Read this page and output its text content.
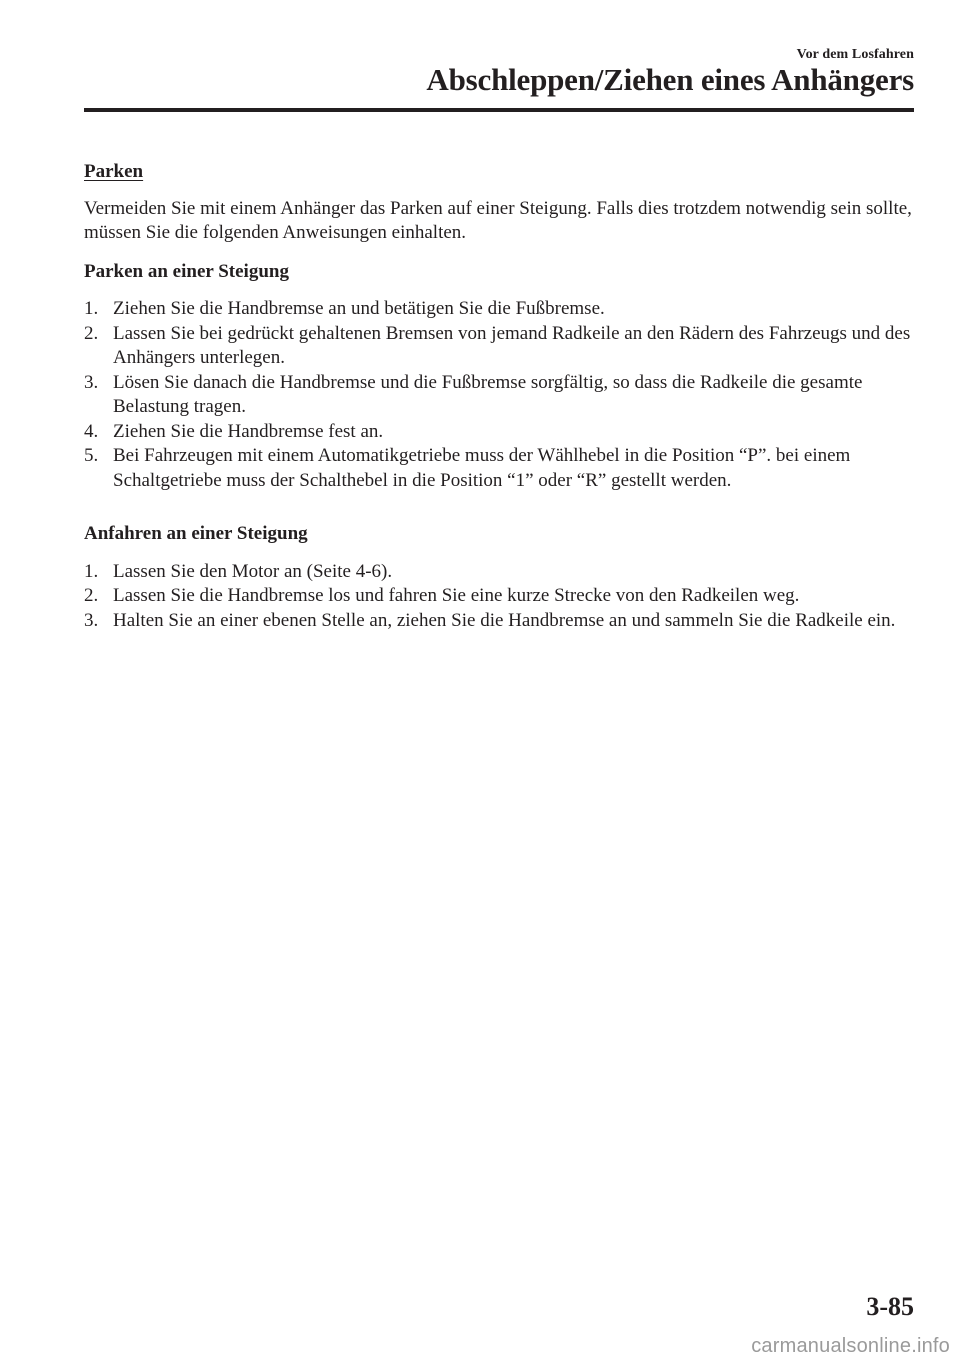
Vor dem Losfahren
Abschleppen/Ziehen eines Anhängers
Parken

Vermeiden Sie mit einem Anhänger das Parken auf einer Steigung. Falls dies trotzdem notwendig sein sollte, müssen Sie die folgenden Anweisungen einhalten.

Parken an einer Steigung
1. Ziehen Sie die Handbremse an und betätigen Sie die Fußbremse.
2. Lassen Sie bei gedrückt gehaltenen Bremsen von jemand Radkeile an den Rädern des Fahrzeugs und des Anhängers unterlegen.
3. Lösen Sie danach die Handbremse und die Fußbremse sorgfältig, so dass die Radkeile die gesamte Belastung tragen.
4. Ziehen Sie die Handbremse fest an.
5. Bei Fahrzeugen mit einem Automatikgetriebe muss der Wählhebel in die Position “P”. bei einem Schaltgetriebe muss der Schalthebel in die Position “1” oder “R” gestellt werden.
Anfahren an einer Steigung
1. Lassen Sie den Motor an (Seite 4-6).
2. Lassen Sie die Handbremse los und fahren Sie eine kurze Strecke von den Radkeilen weg.
3. Halten Sie an einer ebenen Stelle an, ziehen Sie die Handbremse an und sammeln Sie die Radkeile ein.
3-85
carmanualsonline.info
